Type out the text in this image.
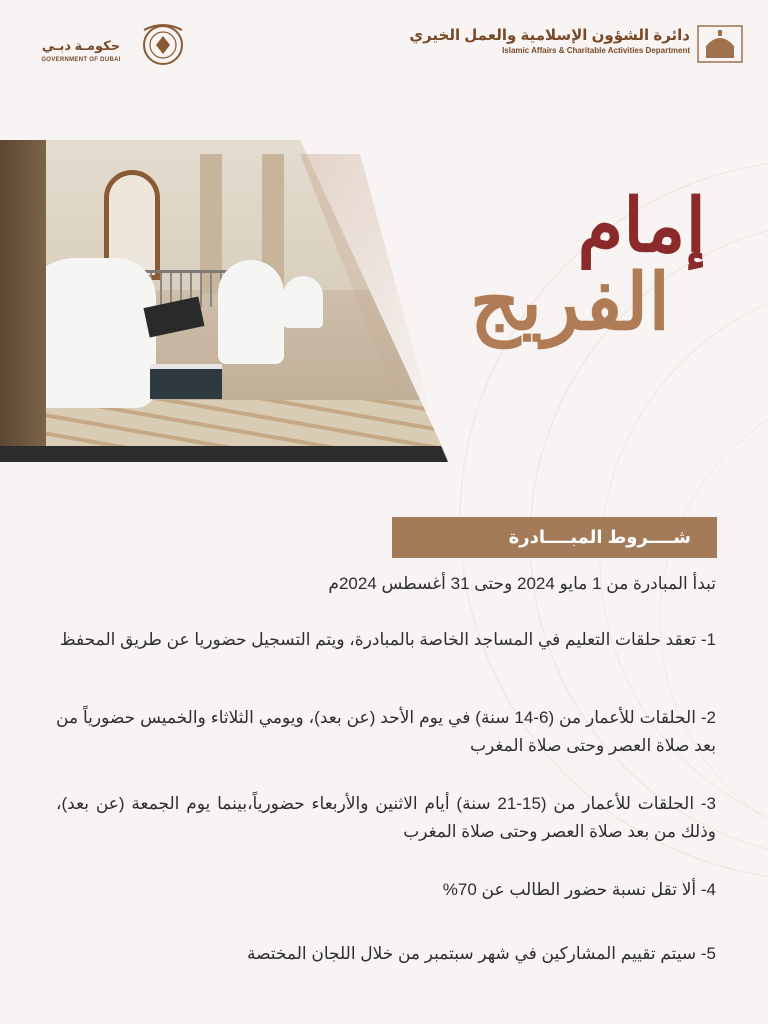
حكومـة دبـي
GOVERNMENT OF DUBAI
دائرة الشؤون الإسلامية والعمل الخيري
Islamic Affairs & Charitable Activities Department
إمام
الفريج
شــــروط المبــــادرة
تبدأ المبادرة من 1 مايو 2024 وحتى 31 أغسطس 2024م
1- تعقد حلقات التعليم في المساجد الخاصة بالمبادرة، ويتم التسجيل حضوريا عن طريق المحفظ
2- الحلقات للأعمار من (6-14 سنة) في يوم الأحد (عن بعد)، ويومي الثلاثاء والخميس حضورياً من بعد صلاة العصر وحتى صلاة المغرب
3- الحلقات للأعمار من (15-21 سنة) أيام الاثنين والأربعاء حضورياً،بينما يوم الجمعة (عن بعد)، وذلك من بعد صلاة العصر وحتى صلاة المغرب
4- ألا تقل نسبة حضور الطالب عن 70%
5- سيتم تقييم المشاركين في شهر سبتمبر من خلال اللجان المختصة
